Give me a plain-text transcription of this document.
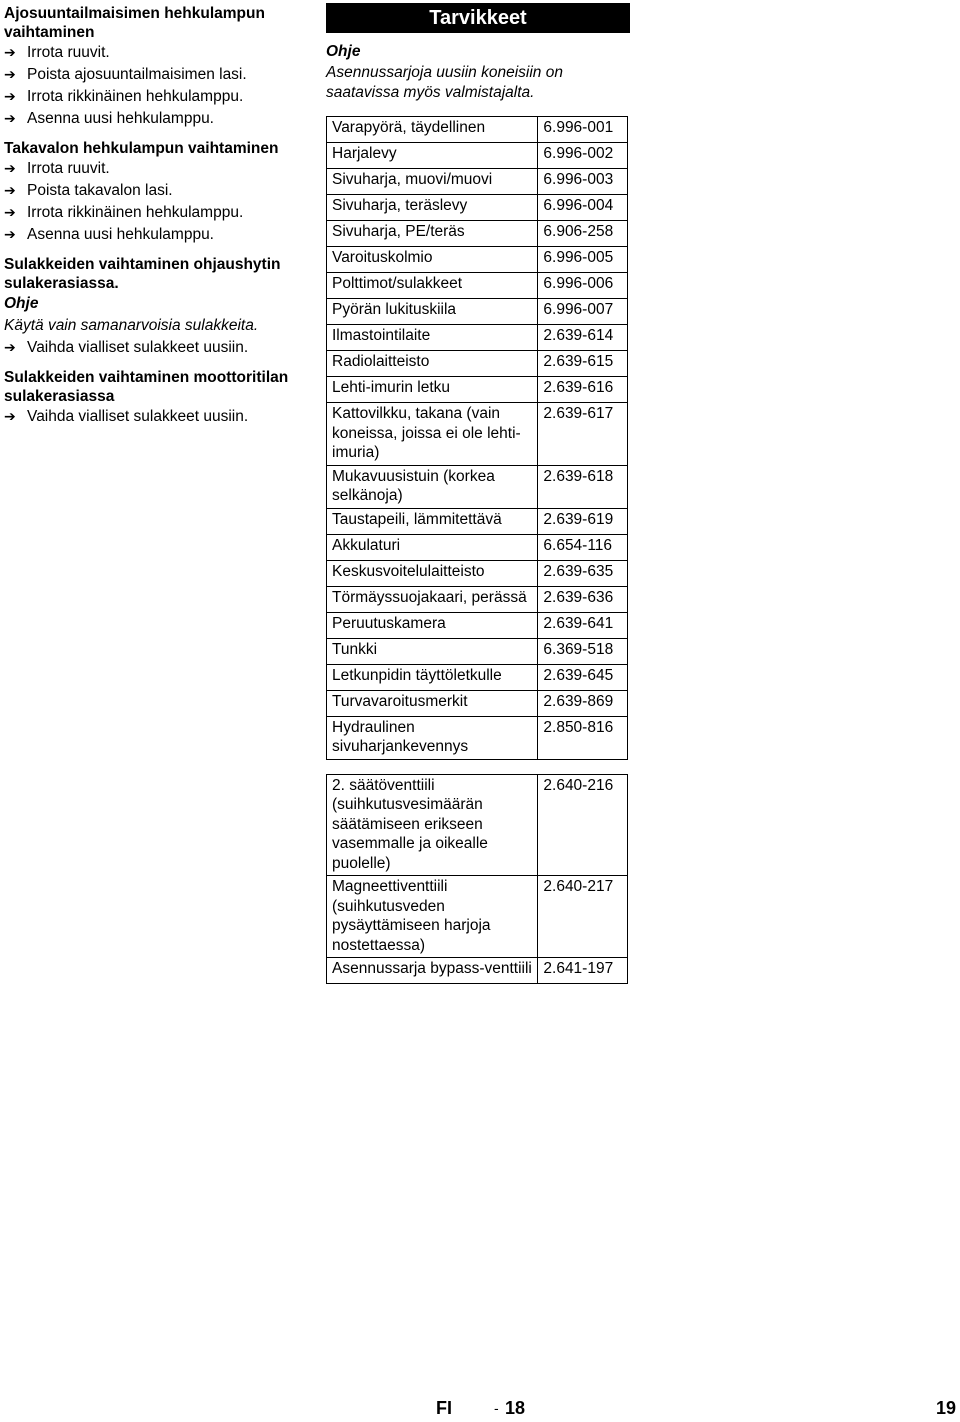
Ajosuuntailmaisimen hehkulampun vaihtaminen
➔ Irrota ruuvit.
➔ Poista ajosuuntailmaisimen lasi.
➔ Irrota rikkinäinen hehkulamppu.
➔ Asenna uusi hehkulamppu.
Takavalon hehkulampun vaihtaminen
➔ Irrota ruuvit.
➔ Poista takavalon lasi.
➔ Irrota rikkinäinen hehkulamppu.
➔ Asenna uusi hehkulamppu.
Sulakkeiden vaihtaminen ohjaushytin sulakerasiassa.
Ohje
Käytä vain samanarvoisia sulakkeita.
➔ Vaihda vialliset sulakkeet uusiin.
Sulakkeiden vaihtaminen moottoritilan sulakerasiassa
➔ Vaihda vialliset sulakkeet uusiin.
Tarvikkeet
Ohje
Asennussarjoja uusiin koneisiin on saatavissa myös valmistajalta.
Varapyörä, täydellinen	6.996-001
Harjalevy	6.996-002
Sivuharja, muovi/muovi	6.996-003
Sivuharja, teräslevy	6.996-004
Sivuharja, PE/teräs	6.906-258
Varoituskolmio	6.996-005
Polttimot/sulakkeet	6.996-006
Pyörän lukituskiila	6.996-007
Ilmastointilaite	2.639-614
Radiolaitteisto	2.639-615
Lehti-imurin letku	2.639-616
Kattovilkku, takana (vain koneissa, joissa ei ole lehti-imuria)	2.639-617
Mukavuusistuin (korkea selkänoja)	2.639-618
Taustapeili, lämmitettävä	2.639-619
Akkulaturi	6.654-116
Keskusvoitelulaitteisto	2.639-635
Törmäyssuojakaari, perässä	2.639-636
Peruutuskamera	2.639-641
Tunkki	6.369-518
Letkunpidin täyttöletkulle	2.639-645
Turvavaroitusmerkit	2.639-869
Hydraulinen sivuharjankevennys	2.850-816
2. säätöventtiili (suihkutusvesimäärän säätämiseen erikseen vasemmalle ja oikealle puolelle)	2.640-216
Magneettiventtiili (suihkutusveden pysäyttämiseen harjoja nostettaessa)	2.640-217
Asennussarja bypass-venttiili	2.641-197
FI	- 18	19
